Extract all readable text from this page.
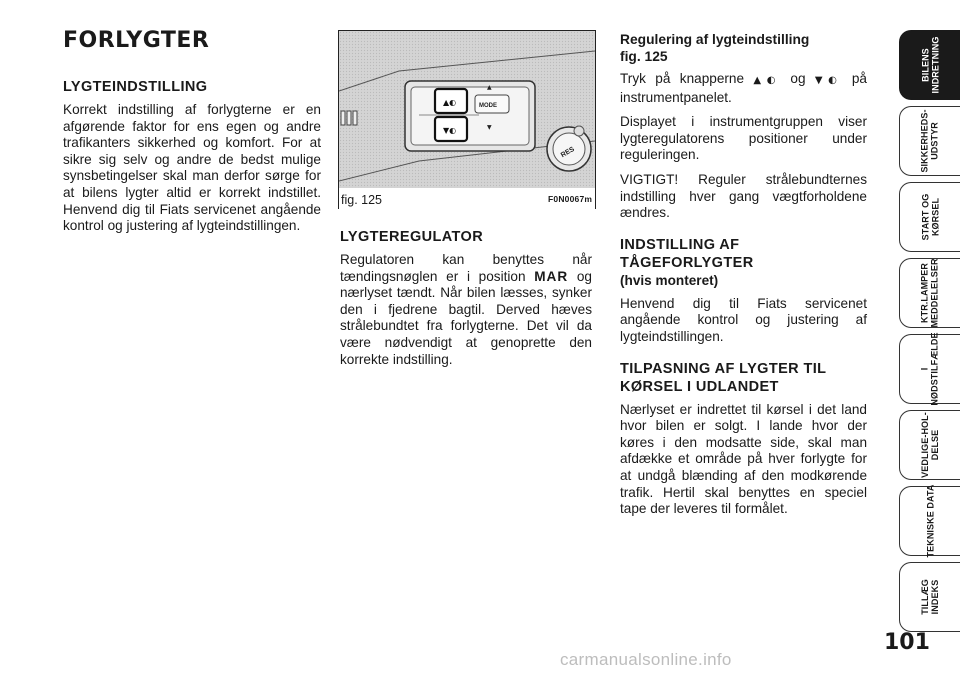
FORLYGTER
LYGTEINDSTILLING

Korrekt indstilling af forlygterne er en afgørende faktor for ens egen og andre trafikanters sikkerhed og komfort. For at sikre sig selv og andre de bedst mulige synsbetingelser skal man derfor sørge for at bilens lygter altid er korrekt indstillet. Henvend dig til Fiats servicenet angående kontrol og justering af lygteindstillingen.

▲◐
▼◐
MODE
▲
▼
RES
fig. 125	F0N0067m
LYGTEREGULATOR

Regulatoren kan benyttes når tændingsnøglen er i position MAR og nærlyset tændt. Når bilen læsses, synker den i fjedrene bagtil. Derved hæves strålebundtet fra forlygterne. Det vil da være nødvendigt at genoprette den korrekte indstilling.

Regulering af lygteindstilling
fig. 125

Tryk på knapperne ▲◐ og ▼◐ på instrumentpanelet.

Displayet i instrumentgruppen viser lygteregulatorens positioner under reguleringen.

VIGTIGT! Reguler strålebundternes indstilling hver gang vægtforholdene ændres.

INDSTILLING AF
TÅGEFORLYGTER
(hvis monteret)

Henvend dig til Fiats servicenet angående kontrol og justering af lygteindstillingen.

TILPASNING AF LYGTER TIL
KØRSEL I UDLANDET

Nærlyset er indrettet til kørsel i det land hvor bilen er solgt. I lande hvor der køres i den modsatte side, skal man afdække et område på hver forlygte for at undgå blænding af den modkørende trafik. Hertil skal benyttes en speciel tape der leveres til formålet.

BILENS
INDRETNING
SIKKERHEDS-
UDSTYR
START OG
KØRSEL
KTR.LAMPER
MEDDELELSER
I
NØDSTILFÆLDE
VEDLIGE-HOL-
DELSE
TEKNISKE DATA
TILLÆG
INDEKS
101
carmanualsonline.info
